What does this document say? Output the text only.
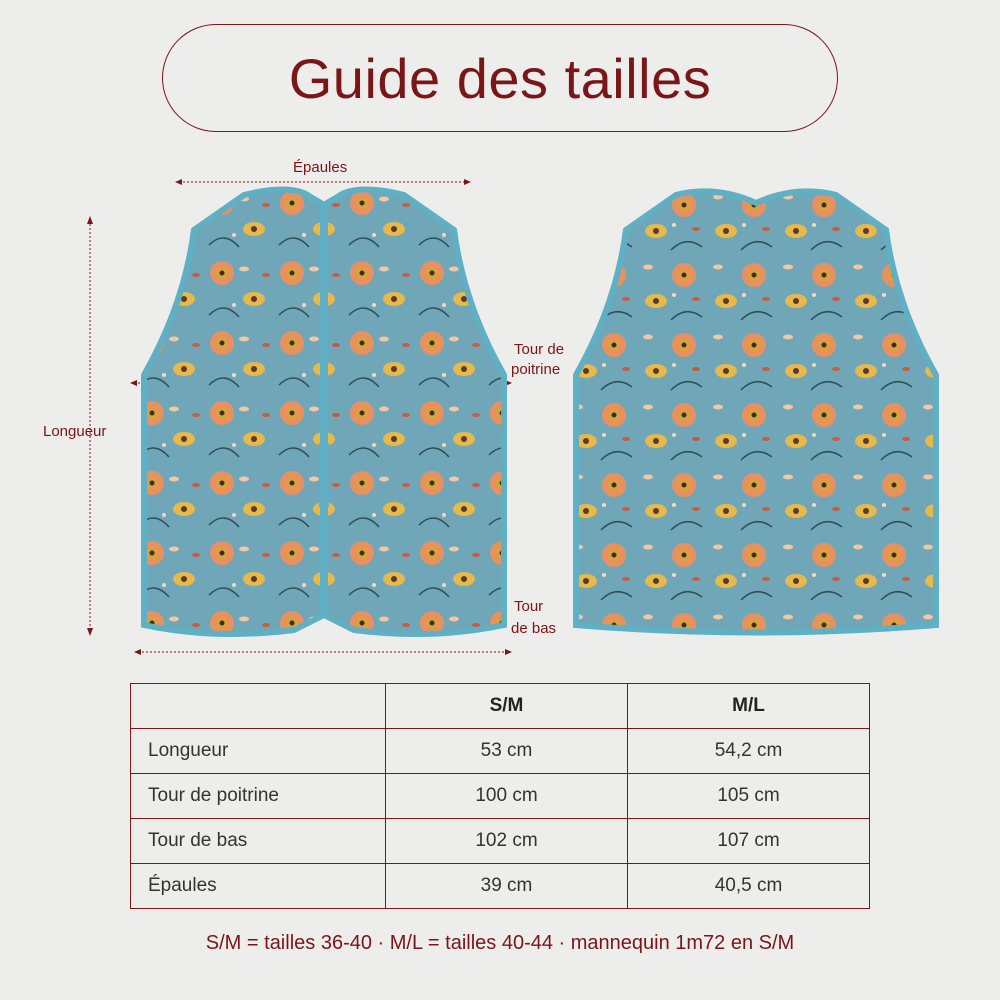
Guide des tailles
Épaules
Longueur
Tour de
poitrine
Tour
de bas
	S/M	M/L
Longueur	53 cm	54,2 cm
Tour de poitrine	100 cm	105 cm
Tour de bas	102 cm	107 cm
Épaules	39 cm	40,5 cm
S/M = tailles 36-40 · M/L = tailles 40-44 · mannequin 1m72 en S/M
